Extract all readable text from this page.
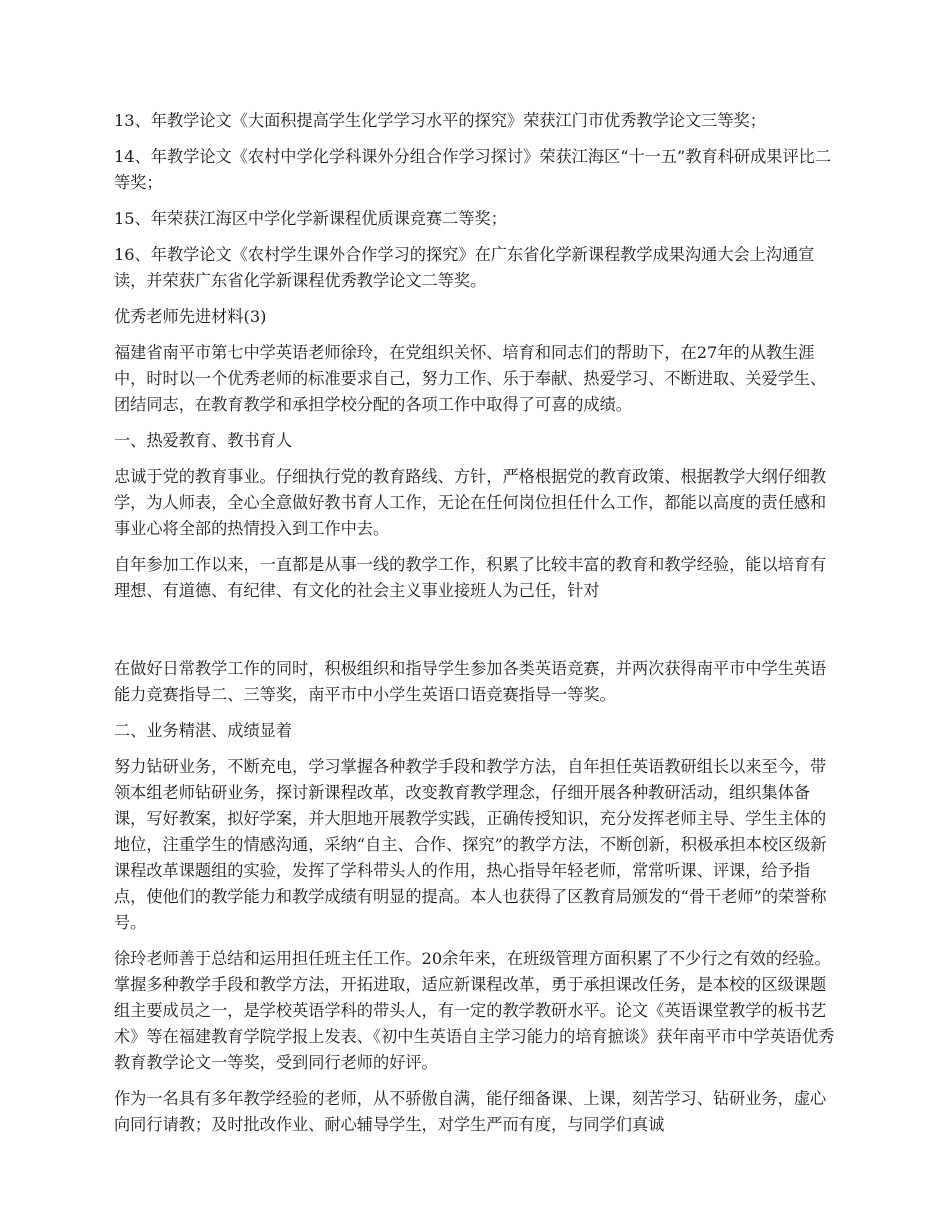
13、年教学论文《大面积提高学生化学学习水平的探究》荣获江门市优秀教学论文三等奖；

14、年教学论文《农村中学化学科课外分组合作学习探讨》荣获江海区“十一五”教育科研成果评比二等奖；

15、年荣获江海区中学化学新课程优质课竞赛二等奖；

16、年教学论文《农村学生课外合作学习的探究》在广东省化学新课程教学成果沟通大会上沟通宣读，并荣获广东省化学新课程优秀教学论文二等奖。

优秀老师先进材料(3)

福建省南平市第七中学英语老师徐玲，在党组织关怀、培育和同志们的帮助下，在27年的从教生涯中，时时以一个优秀老师的标准要求自己，努力工作、乐于奉献、热爱学习、不断进取、关爱学生、团结同志，在教育教学和承担学校分配的各项工作中取得了可喜的成绩。

一、热爱教育、教书育人

忠诚于党的教育事业。仔细执行党的教育路线、方针，严格根据党的教育政策、根据教学大纲仔细教学，为人师表，全心全意做好教书育人工作，无论在任何岗位担任什么工作，都能以高度的责任感和事业心将全部的热情投入到工作中去。

自年参加工作以来，一直都是从事一线的教学工作，积累了比较丰富的教育和教学经验，能以培育有理想、有道德、有纪律、有文化的社会主义事业接班人为己任，针对

在做好日常教学工作的同时，积极组织和指导学生参加各类英语竞赛，并两次获得南平市中学生英语能力竞赛指导二、三等奖，南平市中小学生英语口语竞赛指导一等奖。

二、业务精湛、成绩显着

努力钻研业务，不断充电，学习掌握各种教学手段和教学方法，自年担任英语教研组长以来至今，带领本组老师钻研业务，探讨新课程改革，改变教育教学理念，仔细开展各种教研活动，组织集体备课，写好教案，拟好学案，并大胆地开展教学实践，正确传授知识，充分发挥老师主导、学生主体的地位，注重学生的情感沟通，采纳“自主、合作、探究”的教学方法，不断创新，积极承担本校区级新课程改革课题组的实验，发挥了学科带头人的作用，热心指导年轻老师，常常听课、评课，给予指点，使他们的教学能力和教学成绩有明显的提高。本人也获得了区教育局颁发的“骨干老师”的荣誉称号。

徐玲老师善于总结和运用担任班主任工作。20余年来，在班级管理方面积累了不少行之有效的经验。掌握多种教学手段和教学方法，开拓进取，适应新课程改革，勇于承担课改任务，是本校的区级课题组主要成员之一，是学校英语学科的带头人，有一定的教学教研水平。论文《英语课堂教学的板书艺术》等在福建教育学院学报上发表、《初中生英语自主学习能力的培育摭谈》获年南平市中学英语优秀教育教学论文一等奖，受到同行老师的好评。

作为一名具有多年教学经验的老师，从不骄傲自满，能仔细备课、上课，刻苦学习、钻研业务，虚心向同行请教；及时批改作业、耐心辅导学生，对学生严而有度，与同学们真诚
